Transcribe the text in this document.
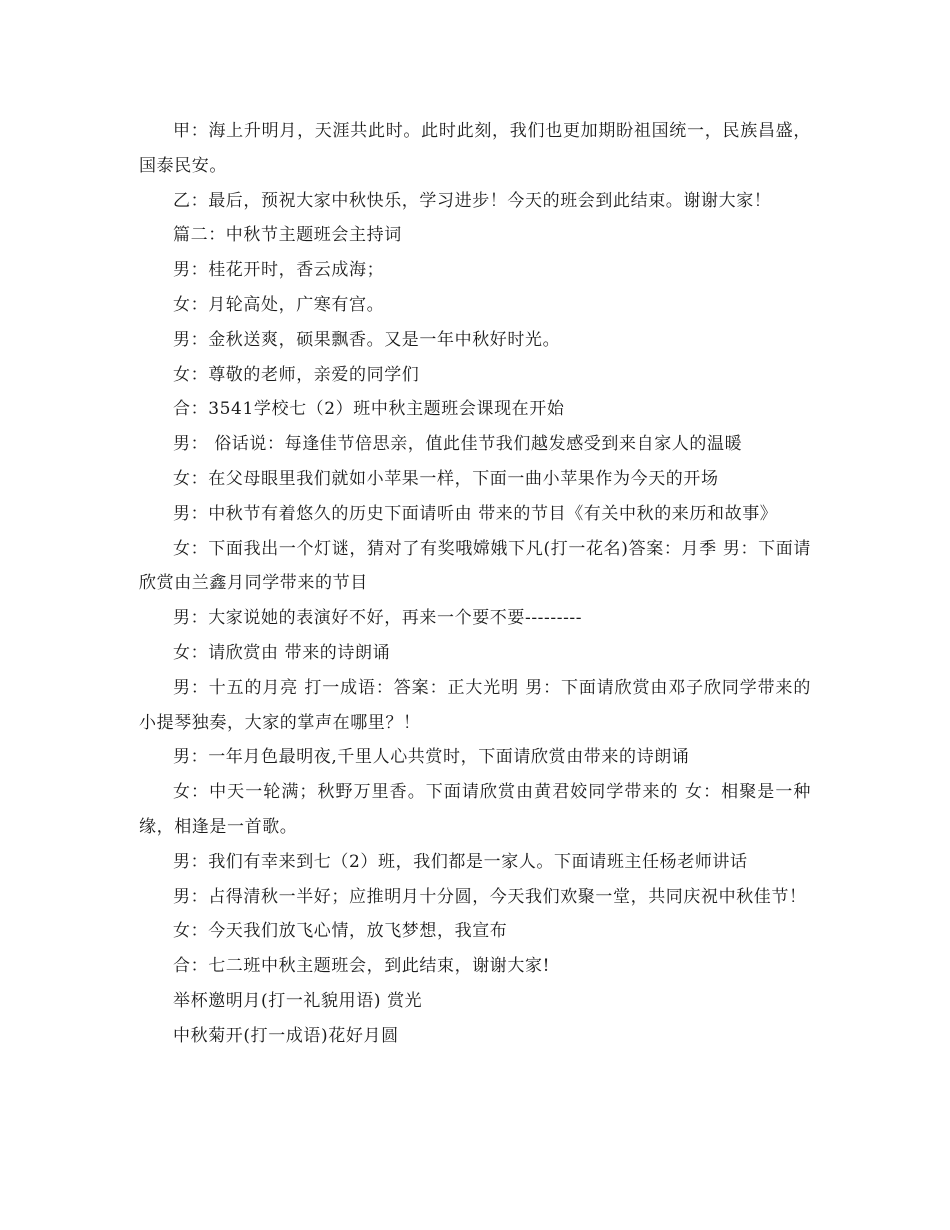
甲：海上升明月，天涯共此时。此时此刻，我们也更加期盼祖国统一，民族昌盛，国泰民安。

乙：最后，预祝大家中秋快乐，学习进步！今天的班会到此结束。谢谢大家！

篇二：中秋节主题班会主持词

男：桂花开时，香云成海；

女：月轮高处，广寒有宫。

男：金秋送爽，硕果飘香。又是一年中秋好时光。

女：尊敬的老师，亲爱的同学们

合：3541学校七（2）班中秋主题班会课现在开始

男： 俗话说：每逢佳节倍思亲，值此佳节我们越发感受到来自家人的温暖

女：在父母眼里我们就如小苹果一样，下面一曲小苹果作为今天的开场

男：中秋节有着悠久的历史下面请听由 带来的节目《有关中秋的来历和故事》

女：下面我出一个灯谜，猜对了有奖哦嫦娥下凡(打一花名)答案：月季 男：下面请欣赏由兰鑫月同学带来的节目

男：大家说她的表演好不好，再来一个要不要---------

女：请欣赏由 带来的诗朗诵

男：十五的月亮 打一成语：答案：正大光明 男：下面请欣赏由邓子欣同学带来的小提琴独奏，大家的掌声在哪里？！

男：一年月色最明夜,千里人心共赏时，下面请欣赏由带来的诗朗诵

女：中天一轮满；秋野万里香。下面请欣赏由黄君姣同学带来的 女：相聚是一种缘，相逢是一首歌。

男：我们有幸来到七（2）班，我们都是一家人。下面请班主任杨老师讲话

男：占得清秋一半好；应推明月十分圆，今天我们欢聚一堂，共同庆祝中秋佳节！

女：今天我们放飞心情，放飞梦想，我宣布

合：七二班中秋主题班会，到此结束，谢谢大家!

举杯邀明月(打一礼貌用语) 赏光

中秋菊开(打一成语)花好月圆
